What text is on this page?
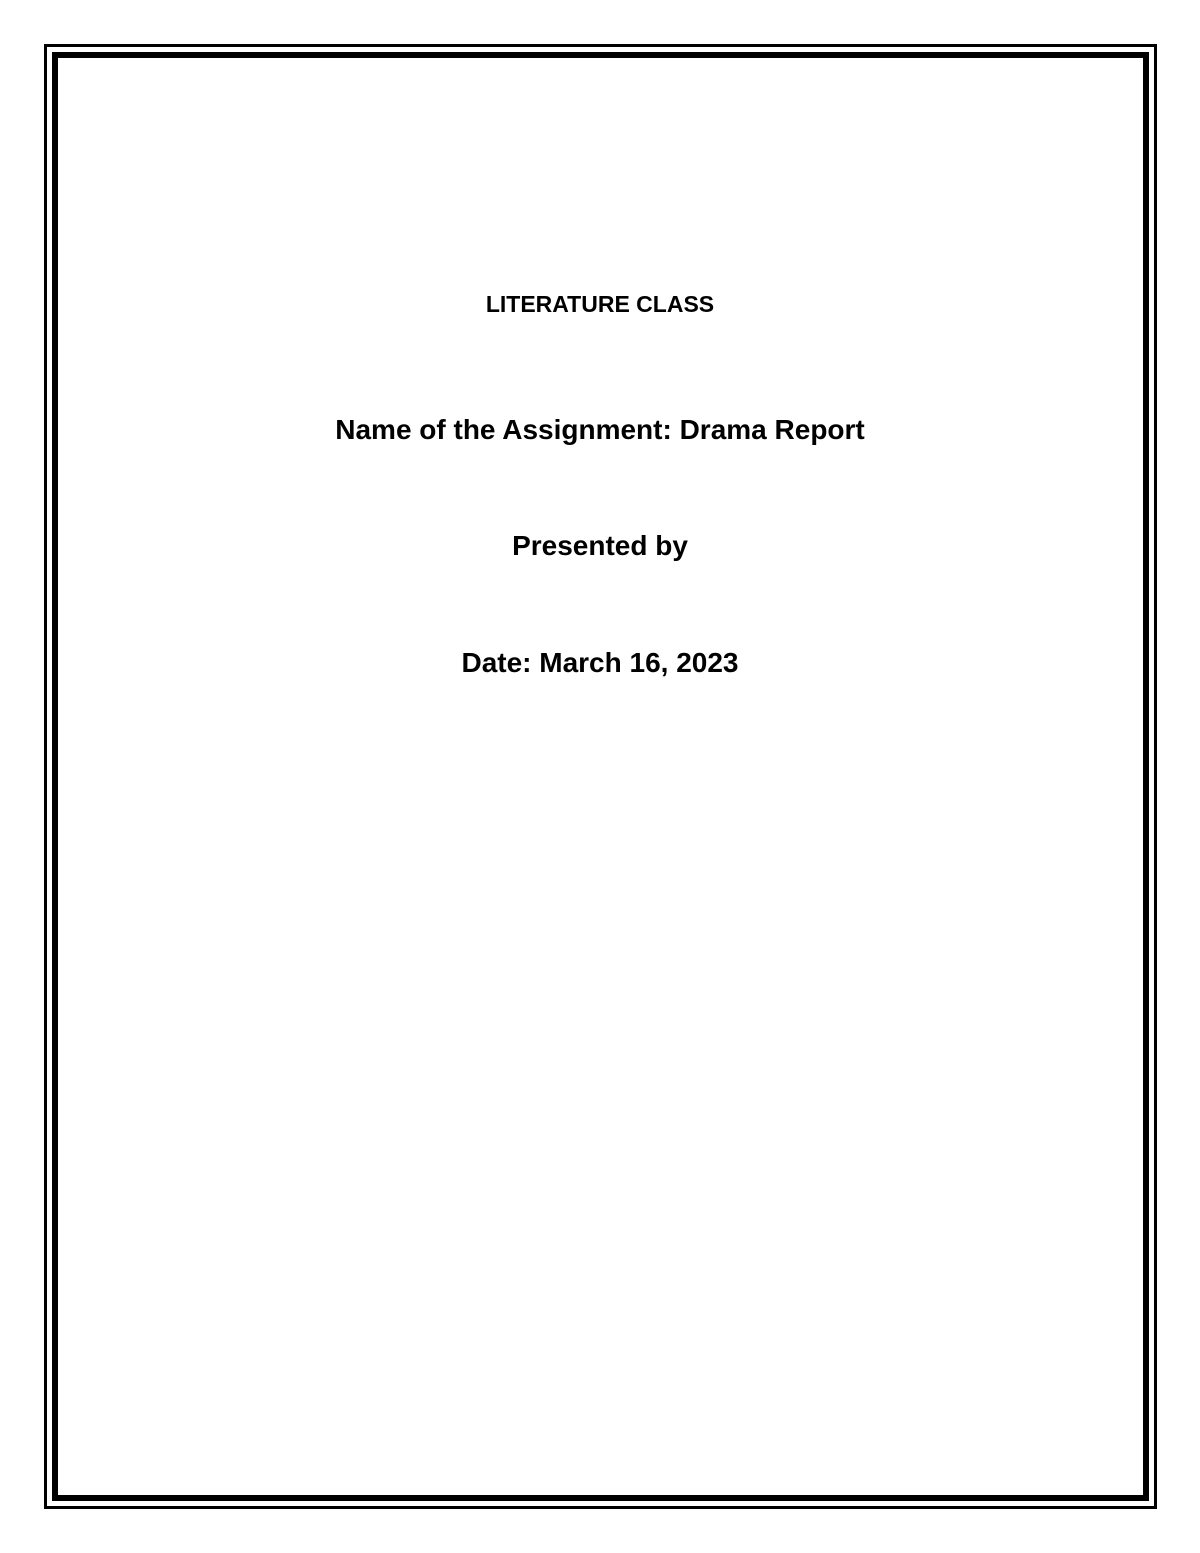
LITERATURE CLASS

Name of the Assignment: Drama Report

Presented by

Date: March 16, 2023
